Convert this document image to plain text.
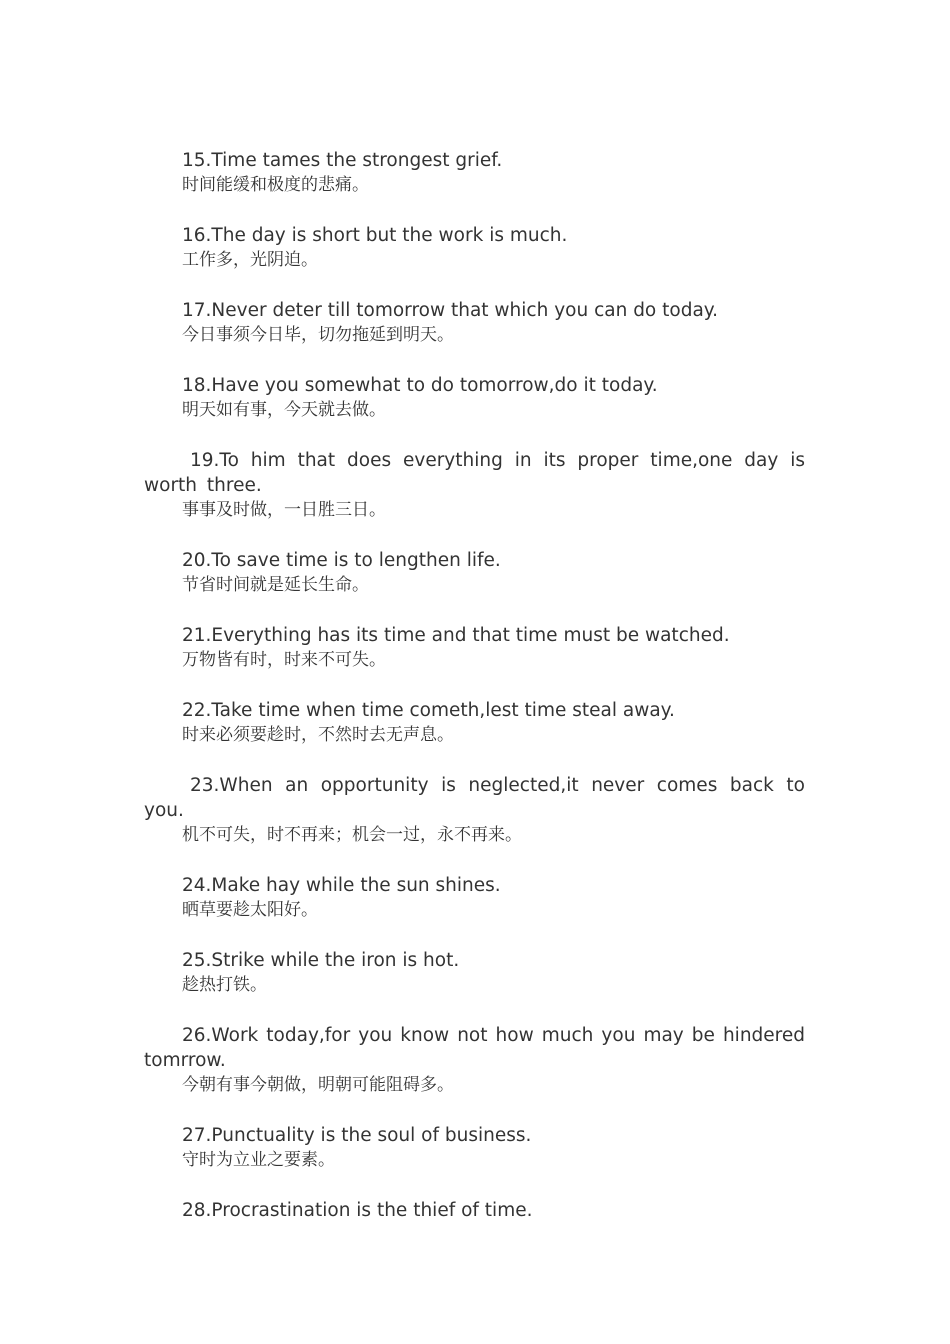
15.Time tames the strongest grief.

时间能缓和极度的悲痛。

16.The day is short but the work is much.

工作多，光阴迫。

17.Never deter till tomorrow that which you can do today.

今日事须今日毕，切勿拖延到明天。

18.Have you somewhat to do tomorrow,do it today.

明天如有事，今天就去做。

19.To him that does everything in its proper time,one day is worth three.

事事及时做，一日胜三日。

20.To save time is to lengthen life.

节省时间就是延长生命。

21.Everything has its time and that time must be watched.

万物皆有时，时来不可失。

22.Take time when time cometh,lest time steal away.

时来必须要趁时，不然时去无声息。

23.When an opportunity is neglected,it never comes back to you.

机不可失，时不再来；机会一过，永不再来。

24.Make hay while the sun shines.

晒草要趁太阳好。

25.Strike while the iron is hot.

趁热打铁。

26.Work today,for you know not how much you may be hindered tomrrow.

今朝有事今朝做，明朝可能阻碍多。

27.Punctuality is the soul of business.

守时为立业之要素。

28.Procrastination is the thief of time.
